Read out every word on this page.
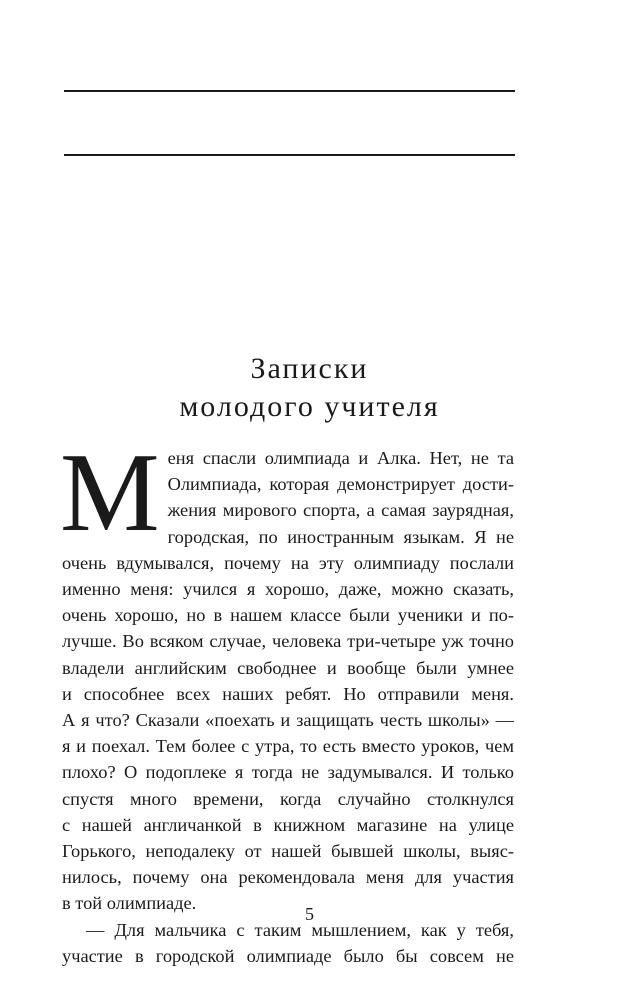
Записки
молодого учителя
М еня спасли олимпиада и Алка. Нет, не та
Олимпиада, которая демонстрирует дости-
жения мирового спорта, а самая заурядная,
городская, по иностранным языкам. Я не
очень вдумывался, почему на эту олимпиаду послали
именно меня: учился я хорошо, даже, можно сказать,
очень хорошо, но в нашем классе были ученики и по-
лучше. Во всяком случае, человека три-четыре уж точно
владели английским свободнее и вообще были умнее
и способнее всех наших ребят. Но отправили меня.
А я что? Сказали «поехать и защищать честь школы» —
я и поехал. Тем более с утра, то есть вместо уроков, чем
плохо? О подоплеке я тогда не задумывался. И только
спустя много времени, когда случайно столкнулся
с нашей англичанкой в книжном магазине на улице
Горького, неподалеку от нашей бывшей школы, выяс-
нилось, почему она рекомендовала меня для участия
в той олимпиаде.
— Для мальчика с таким мышлением, как у тебя,
участие в городской олимпиаде было бы совсем не
5
